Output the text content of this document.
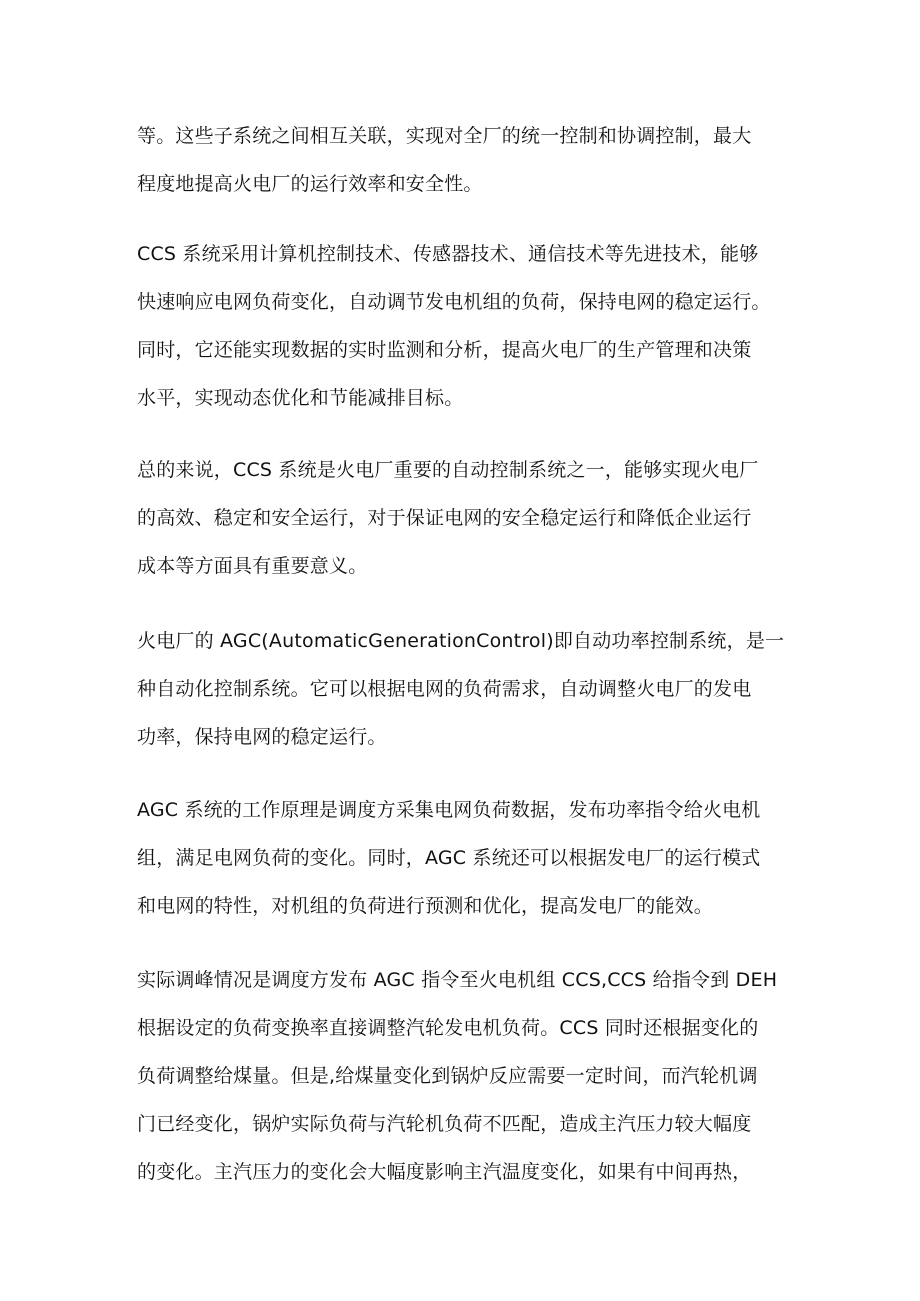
等。这些子系统之间相互关联，实现对全厂的统一控制和协调控制，最大
程度地提高火电厂的运行效率和安全性。
CCS 系统采用计算机控制技术、传感器技术、通信技术等先进技术，能够
快速响应电网负荷变化，自动调节发电机组的负荷，保持电网的稳定运行。
同时，它还能实现数据的实时监测和分析，提高火电厂的生产管理和决策
水平，实现动态优化和节能减排目标。
总的来说，CCS 系统是火电厂重要的自动控制系统之一，能够实现火电厂
的高效、稳定和安全运行，对于保证电网的安全稳定运行和降低企业运行
成本等方面具有重要意义。
火电厂的 AGC(AutomaticGenerationControl)即自动功率控制系统，是一
种自动化控制系统。它可以根据电网的负荷需求，自动调整火电厂的发电
功率，保持电网的稳定运行。
AGC 系统的工作原理是调度方采集电网负荷数据，发布功率指令给火电机
组，满足电网负荷的变化。同时，AGC 系统还可以根据发电厂的运行模式
和电网的特性，对机组的负荷进行预测和优化，提高发电厂的能效。
实际调峰情况是调度方发布 AGC 指令至火电机组 CCS,CCS 给指令到 DEH
根据设定的负荷变换率直接调整汽轮发电机负荷。CCS 同时还根据变化的
负荷调整给煤量。但是,给煤量变化到锅炉反应需要一定时间，而汽轮机调
门已经变化，锅炉实际负荷与汽轮机负荷不匹配，造成主汽压力较大幅度
的变化。主汽压力的变化会大幅度影响主汽温度变化，如果有中间再热，
